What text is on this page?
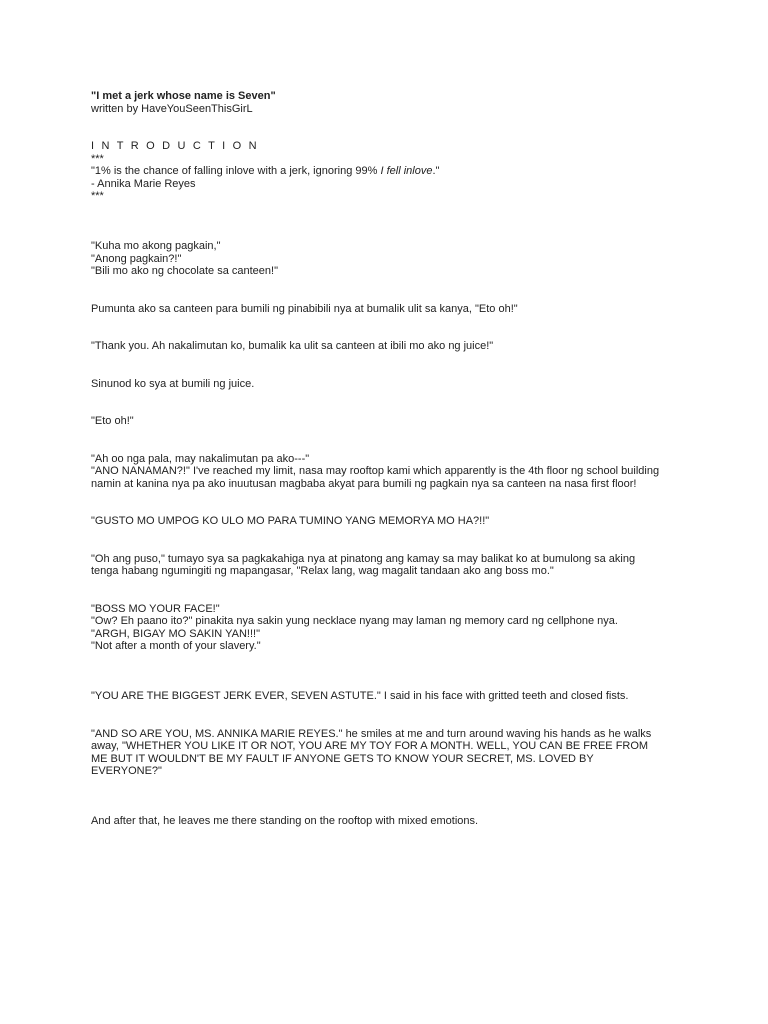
"I met a jerk whose name is Seven"
written by HaveYouSeenThisGirL
I N T R O D U C T I O N
***
"1% is the chance of falling inlove with a jerk, ignoring 99% I fell inlove."
- Annika Marie Reyes
***
"Kuha mo akong pagkain,"
"Anong pagkain?!"
"Bili mo ako ng chocolate sa canteen!"
Pumunta ako sa canteen para bumili ng pinabibili nya at bumalik ulit sa kanya, "Eto oh!"
"Thank you. Ah nakalimutan ko, bumalik ka ulit sa canteen at ibili mo ako ng juice!"
Sinunod ko sya at bumili ng juice.
"Eto oh!"
"Ah oo nga pala, may nakalimutan pa ako---"
"ANO NANAMAN?!" I've reached my limit, nasa may rooftop kami which apparently is the 4th floor ng school building
namin at kanina nya pa ako inuutusan magbaba akyat para bumili ng pagkain nya sa canteen na nasa first floor!
"GUSTO MO UMPOG KO ULO MO PARA TUMINO YANG MEMORYA MO HA?!!"
"Oh ang puso," tumayo sya sa pagkakahiga nya at pinatong ang kamay sa may balikat ko at bumulong sa aking
tenga habang ngumingiti ng mapangasar, "Relax lang, wag magalit tandaan ako ang boss mo."
"BOSS MO YOUR FACE!"
"Ow? Eh paano ito?" pinakita nya sakin yung necklace nyang may laman ng memory card ng cellphone nya.
"ARGH, BIGAY MO SAKIN YAN!!!"
"Not after a month of your slavery."
"YOU ARE THE BIGGEST JERK EVER, SEVEN ASTUTE." I said in his face with gritted teeth and closed fists.
"AND SO ARE YOU, MS. ANNIKA MARIE REYES." he smiles at me and turn around waving his hands as he walks
away, "WHETHER YOU LIKE IT OR NOT, YOU ARE MY TOY FOR A MONTH. WELL, YOU CAN BE FREE FROM
ME BUT IT WOULDN'T BE MY FAULT IF ANYONE GETS TO KNOW YOUR SECRET, MS. LOVED BY
EVERYONE?"
And after that, he leaves me there standing on the rooftop with mixed emotions.
